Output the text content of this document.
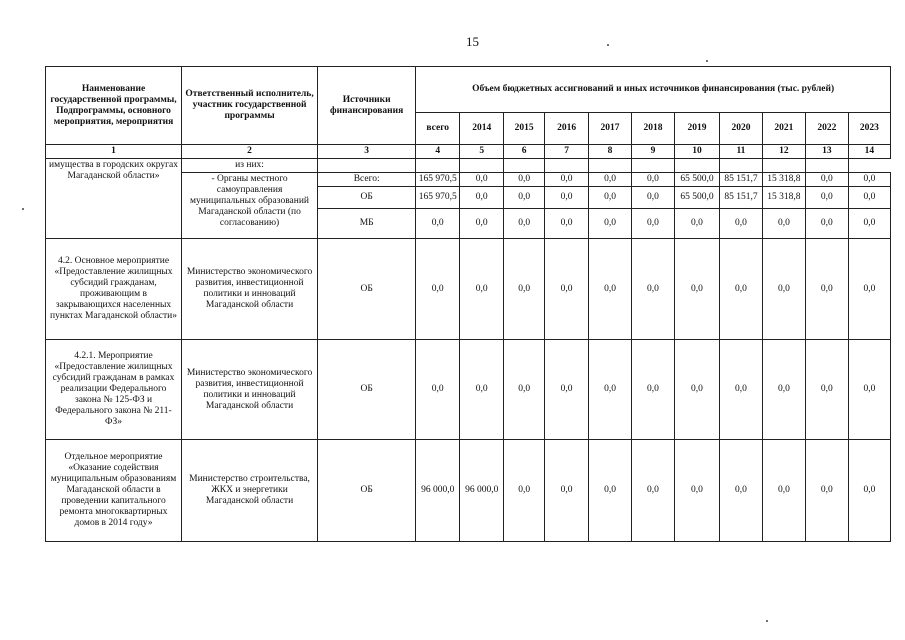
15
Наименование государственной программы, Подпрограммы, основного мероприятия, мероприятия	Ответственный исполнитель, участник государственной программы	Источники финансирования	Объем бюджетных ассигнований и иных источников финансирования (тыс. рублей)										
			всего	2014	2015	2016	2017	2018	2019	2020	2021	2022	2023
1	2	3	4	5	6	7	8	9	10	11	12	13	14
имущества в городских округах Магаданской области»	из них:												
	- Органы местного самоуправления муниципальных образований Магаданской области (по согласованию)	Всего:	165 970,5	0,0	0,0	0,0	0,0	0,0	65 500,0	85 151,7	15 318,8	0,0	0,0
		ОБ	165 970,5	0,0	0,0	0,0	0,0	0,0	65 500,0	85 151,7	15 318,8	0,0	0,0
		МБ	0,0	0,0	0,0	0,0	0,0	0,0	0,0	0,0	0,0	0,0	0,0
4.2. Основное мероприятие «Предоставление жилищных субсидий гражданам, проживающим в закрывающихся населенных пунктах Магаданской области»	Министерство экономического развития, инвестиционной политики и инноваций Магаданской области	ОБ	0,0	0,0	0,0	0,0	0,0	0,0	0,0	0,0	0,0	0,0	0,0
4.2.1. Мероприятие «Предоставление жилищных субсидий гражданам в рамках реализации Федерального закона № 125-ФЗ и Федерального закона № 211-ФЗ»	Министерство экономического развития, инвестиционной политики и инноваций Магаданской области	ОБ	0,0	0,0	0,0	0,0	0,0	0,0	0,0	0,0	0,0	0,0	0,0
Отдельное мероприятие «Оказание содействия муниципальным образованиям Магаданской области в проведении капитального ремонта многоквартирных домов в 2014 году»	Министерство строительства, ЖКХ и энергетики Магаданской области	ОБ	96 000,0	96 000,0	0,0	0,0	0,0	0,0	0,0	0,0	0,0	0,0	0,0
